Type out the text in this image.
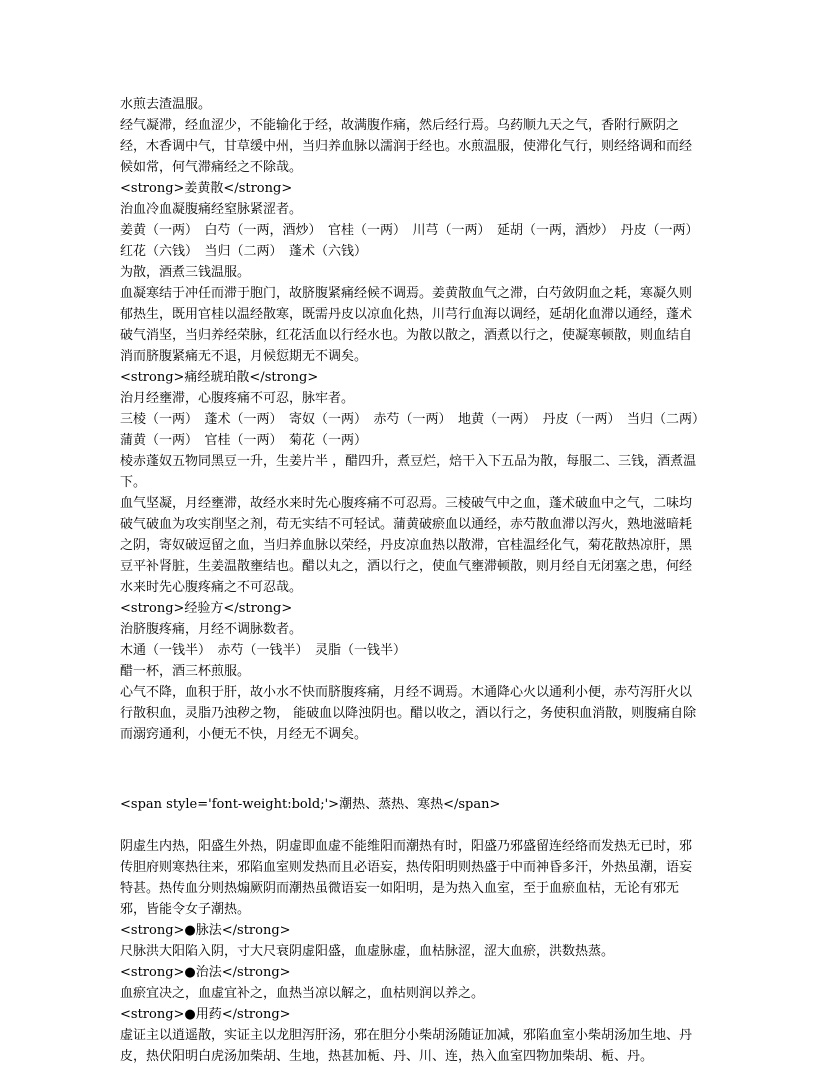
水煎去渣温服。

经气凝滞，经血涩少，不能输化于经，故满腹作痛，然后经行焉。乌药顺九天之气，香附行厥阴之经，木香调中气，甘草缓中州，当归养血脉以濡润于经也。水煎温服，使滞化气行，则经络调和而经候如常，何气滞痛经之不除哉。

<strong>姜黄散</strong>

治血冷血凝腹痛经窒脉紧涩者。

姜黄（一两）　白芍（一两，酒炒）　官桂（一两）　川芎（一两）　延胡（一两，酒炒）　丹皮（一两）红花（六钱）　当归（二两）　蓬术（六钱）

为散，酒煮三钱温服。

血凝寒结于冲任而滞于胞门，故脐腹紧痛经候不调焉。姜黄散血气之滞，白芍敛阴血之耗，寒凝久则郁热生，既用官桂以温经散寒，既需丹皮以凉血化热，川芎行血海以调经，延胡化血滞以通经，蓬术破气消坚，当归养经荣脉，红花活血以行经水也。为散以散之，酒煮以行之，使凝寒顿散，则血结自消而脐腹紧痛无不退，月候愆期无不调矣。

<strong>痛经琥珀散</strong>

治月经壅滞，心腹疼痛不可忍，脉牢者。

三棱（一两）　蓬术（一两）　寄奴（一两）　赤芍（一两）　地黄（一两）　丹皮（一两）　当归（二两）蒲黄（一两）　官桂（一两）　菊花（一两）

棱赤蓬奴五物同黑豆一升，生姜片半 ，醋四升，煮豆烂，焙干入下五品为散，每服二、三钱，酒煮温下。

血气坚凝，月经壅滞，故经水来时先心腹疼痛不可忍焉。三棱破气中之血，蓬术破血中之气，二味均破气破血为攻实削坚之剂，苟无实结不可轻试。蒲黄破瘀血以通经，赤芍散血滞以泻火，熟地滋暗耗之阴，寄奴破逗留之血，当归养血脉以荣经，丹皮凉血热以散滞，官桂温经化气，菊花散热凉肝，黑豆平补肾脏，生姜温散壅结也。醋以丸之，酒以行之，使血气壅滞顿散，则月经自无闭塞之患，何经水来时先心腹疼痛之不可忍哉。

<strong>经验方</strong>

治脐腹疼痛，月经不调脉数者。

木通（一钱半）　赤芍（一钱半）　灵脂（一钱半）

醋一杯，酒三杯煎服。

心气不降，血积于肝，故小水不快而脐腹疼痛，月经不调焉。木通降心火以通利小便，赤芍泻肝火以行散积血，灵脂乃浊秽之物， 能破血以降浊阴也。醋以收之，酒以行之，务使积血消散，则腹痛自除而溺窍通利，小便无不快，月经无不调矣。

<span style='font-weight:bold;'>潮热、蒸热、寒热</span>

阴虚生内热，阳盛生外热，阴虚即血虚不能维阳而潮热有时，阳盛乃邪盛留连经络而发热无已时，邪传胆府则寒热往来，邪陷血室则发热而且必语妄，热传阳明则热盛于中而神昏多汗，外热虽潮，语妄特甚。热传血分则热煽厥阴而潮热虽微语妄一如阳明，是为热入血室，至于血瘀血枯，无论有邪无邪，皆能令女子潮热。

<strong>●脉法</strong>

尺脉洪大阳陷入阴，寸大尺衰阴虚阳盛，血虚脉虚，血枯脉涩，涩大血瘀，洪数热蒸。

<strong>●治法</strong>

血瘀宜决之，血虚宜补之，血热当凉以解之，血枯则润以养之。

<strong>●用药</strong>

虚证主以逍遥散，实证主以龙胆泻肝汤，邪在胆分小柴胡汤随证加减，邪陷血室小柴胡汤加生地、丹皮，热伏阳明白虎汤加柴胡、生地，热甚加栀、丹、川、连，热入血室四物加柴胡、栀、丹。
